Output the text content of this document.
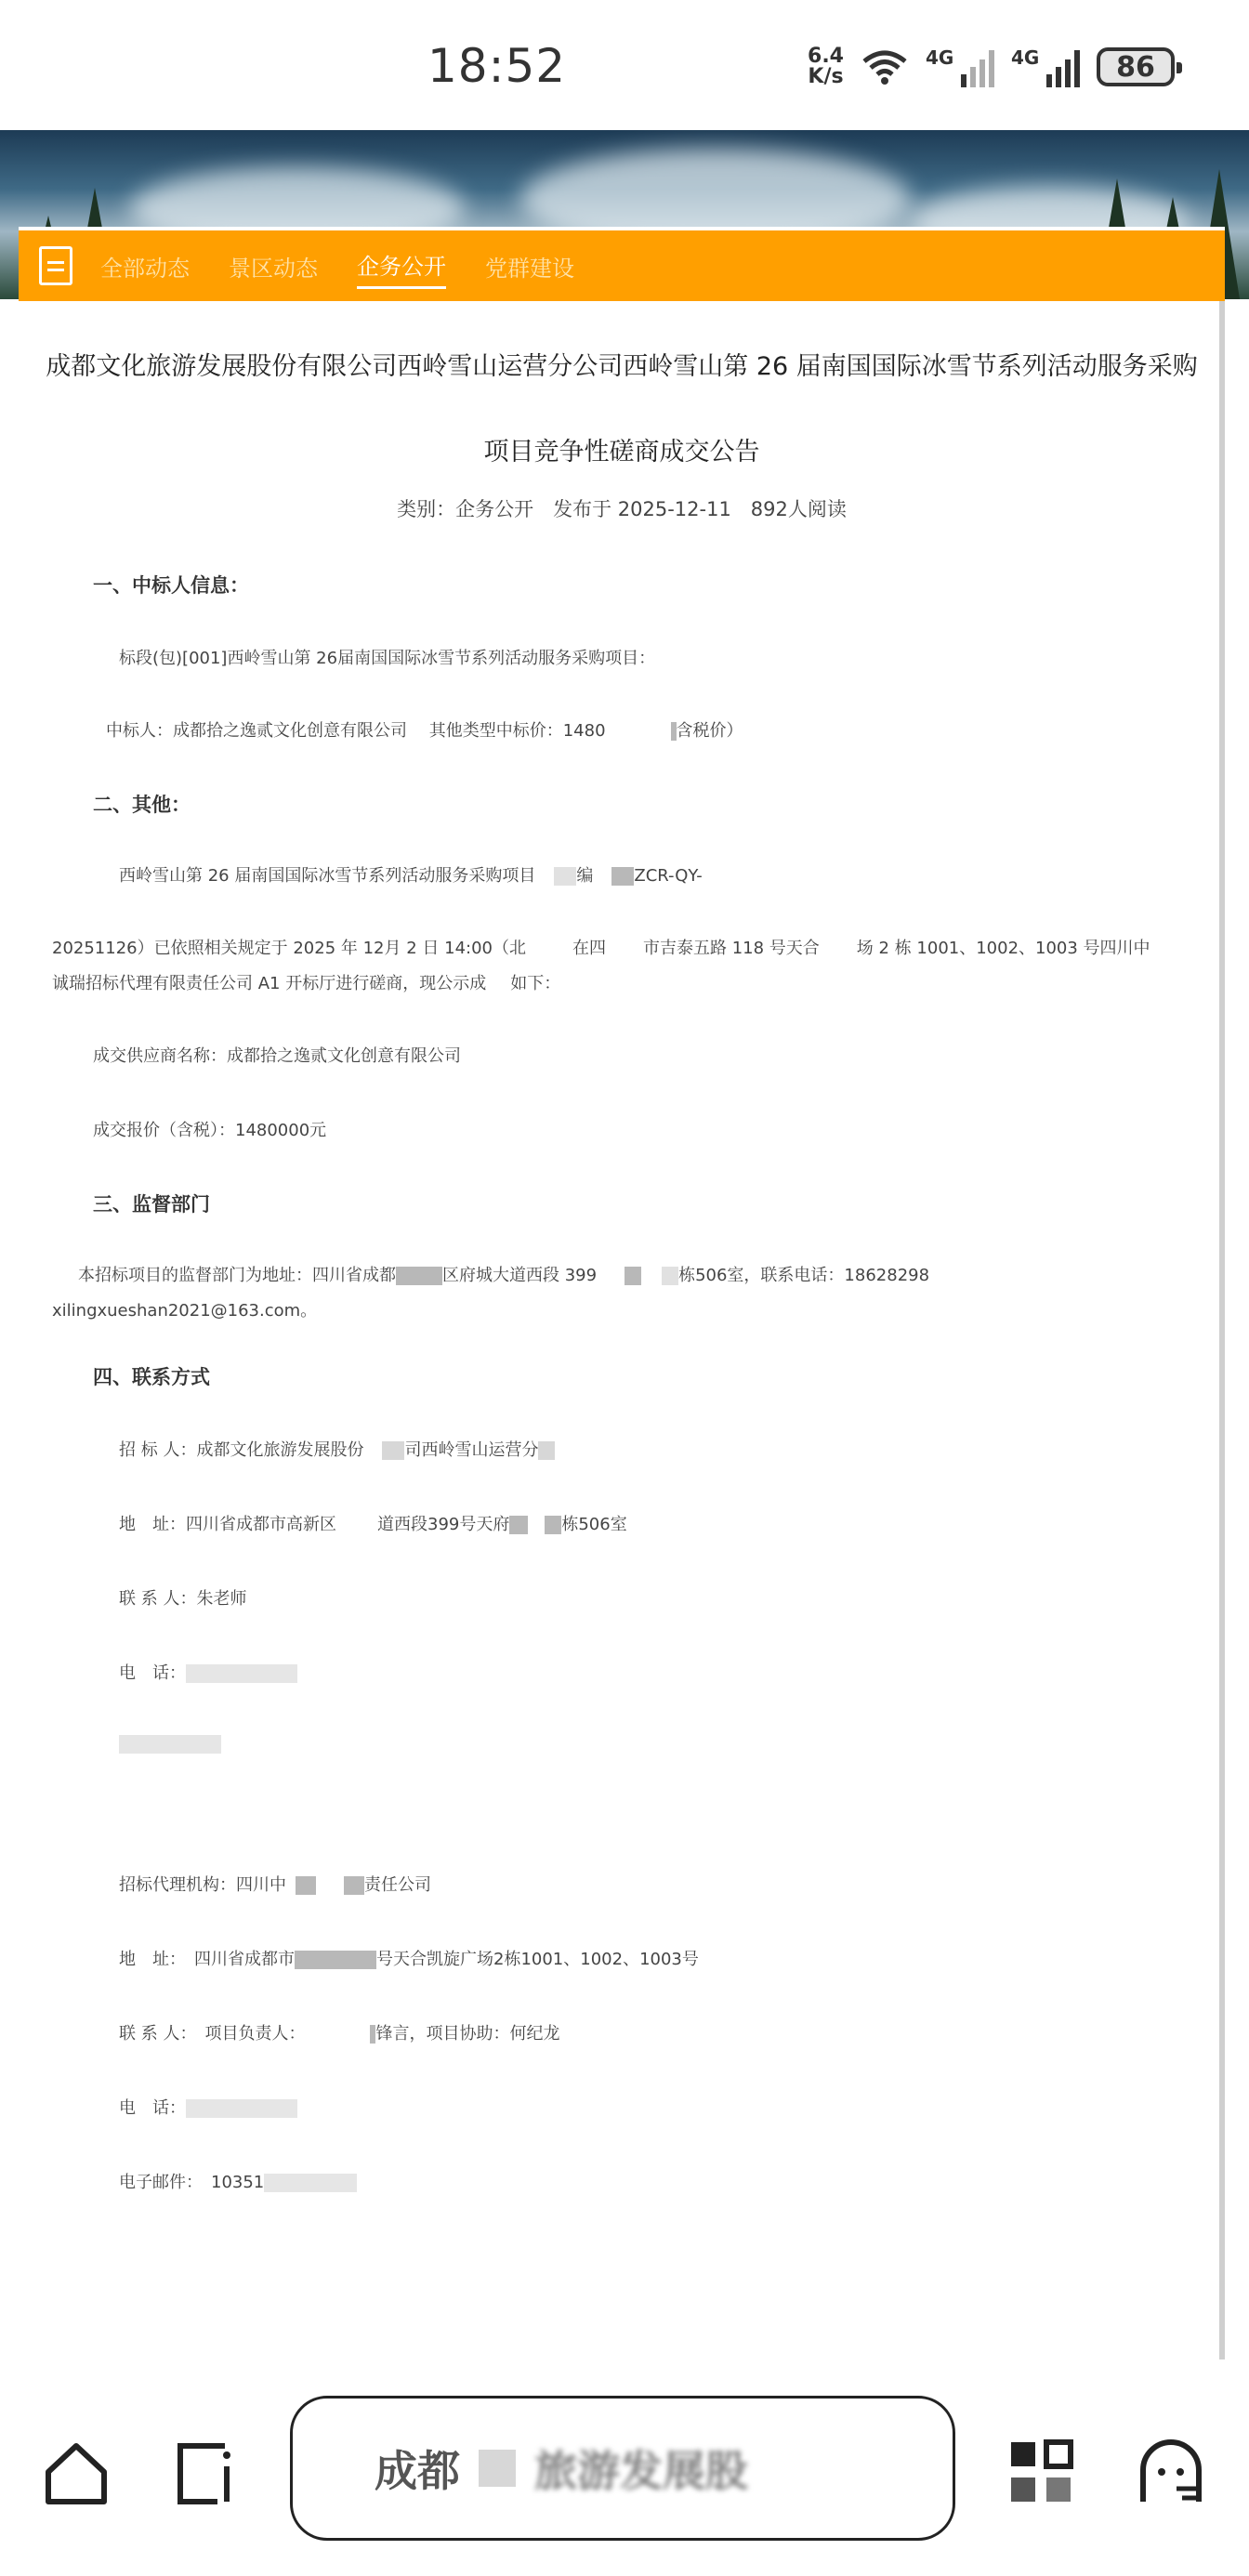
18:52	6.4
K/s
4G	4G	86
全部动态 景区动态 企务公开 党群建设
成都文化旅游发展股份有限公司西岭雪山运营分公司西岭雪山第 26 届南国国际冰雪节系列活动服务采购
项目竞争性磋商成交公告
类别：企务公开　发布于 2025-12-11　892人阅读
一、中标人信息：
标段(包)[001]西岭雪山第 26届南国国际冰雪节系列活动服务采购项目：
中标人：成都拾之逸贰文化创意有限公司　 其他类型中标价：1480	含税价）
二、其他：
西岭雪山第 26 届南国国际冰雪节系列活动服务采购项目 编 ZCR-QY-
20251126）已依照相关规定于 2025 年 12月 2 日 14:00（北	在四 市吉泰五路 118 号天合 场 2 栋 1001、1002、1003 号四川中
诚瑞招标代理有限责任公司 A1 开标厅进行磋商，现公示成 如下：
成交供应商名称：成都拾之逸贰文化创意有限公司
成交报价（含税）：1480000元
三、监督部门
本招标项目的监督部门为地址：四川省成都	区府城大道西段 399	栋506室，联系电话：18628298
xilingxueshan2021@163.com。
四、联系方式
招 标 人：成都文化旅游发展股份 司西岭雪山运营分
地　址：四川省成都市高新区 道西段399号天府	栋506室
联 系 人：朱老师
电　话：
招标代理机构：四川中	责任公司
地　址：　四川省成都市	号天合凯旋广场2栋1001、1002、1003号
联 系 人：　项目负责人：	锋言，项目协助：何纪龙
电　话：
电子邮件：　10351
成都 旅游发展股
